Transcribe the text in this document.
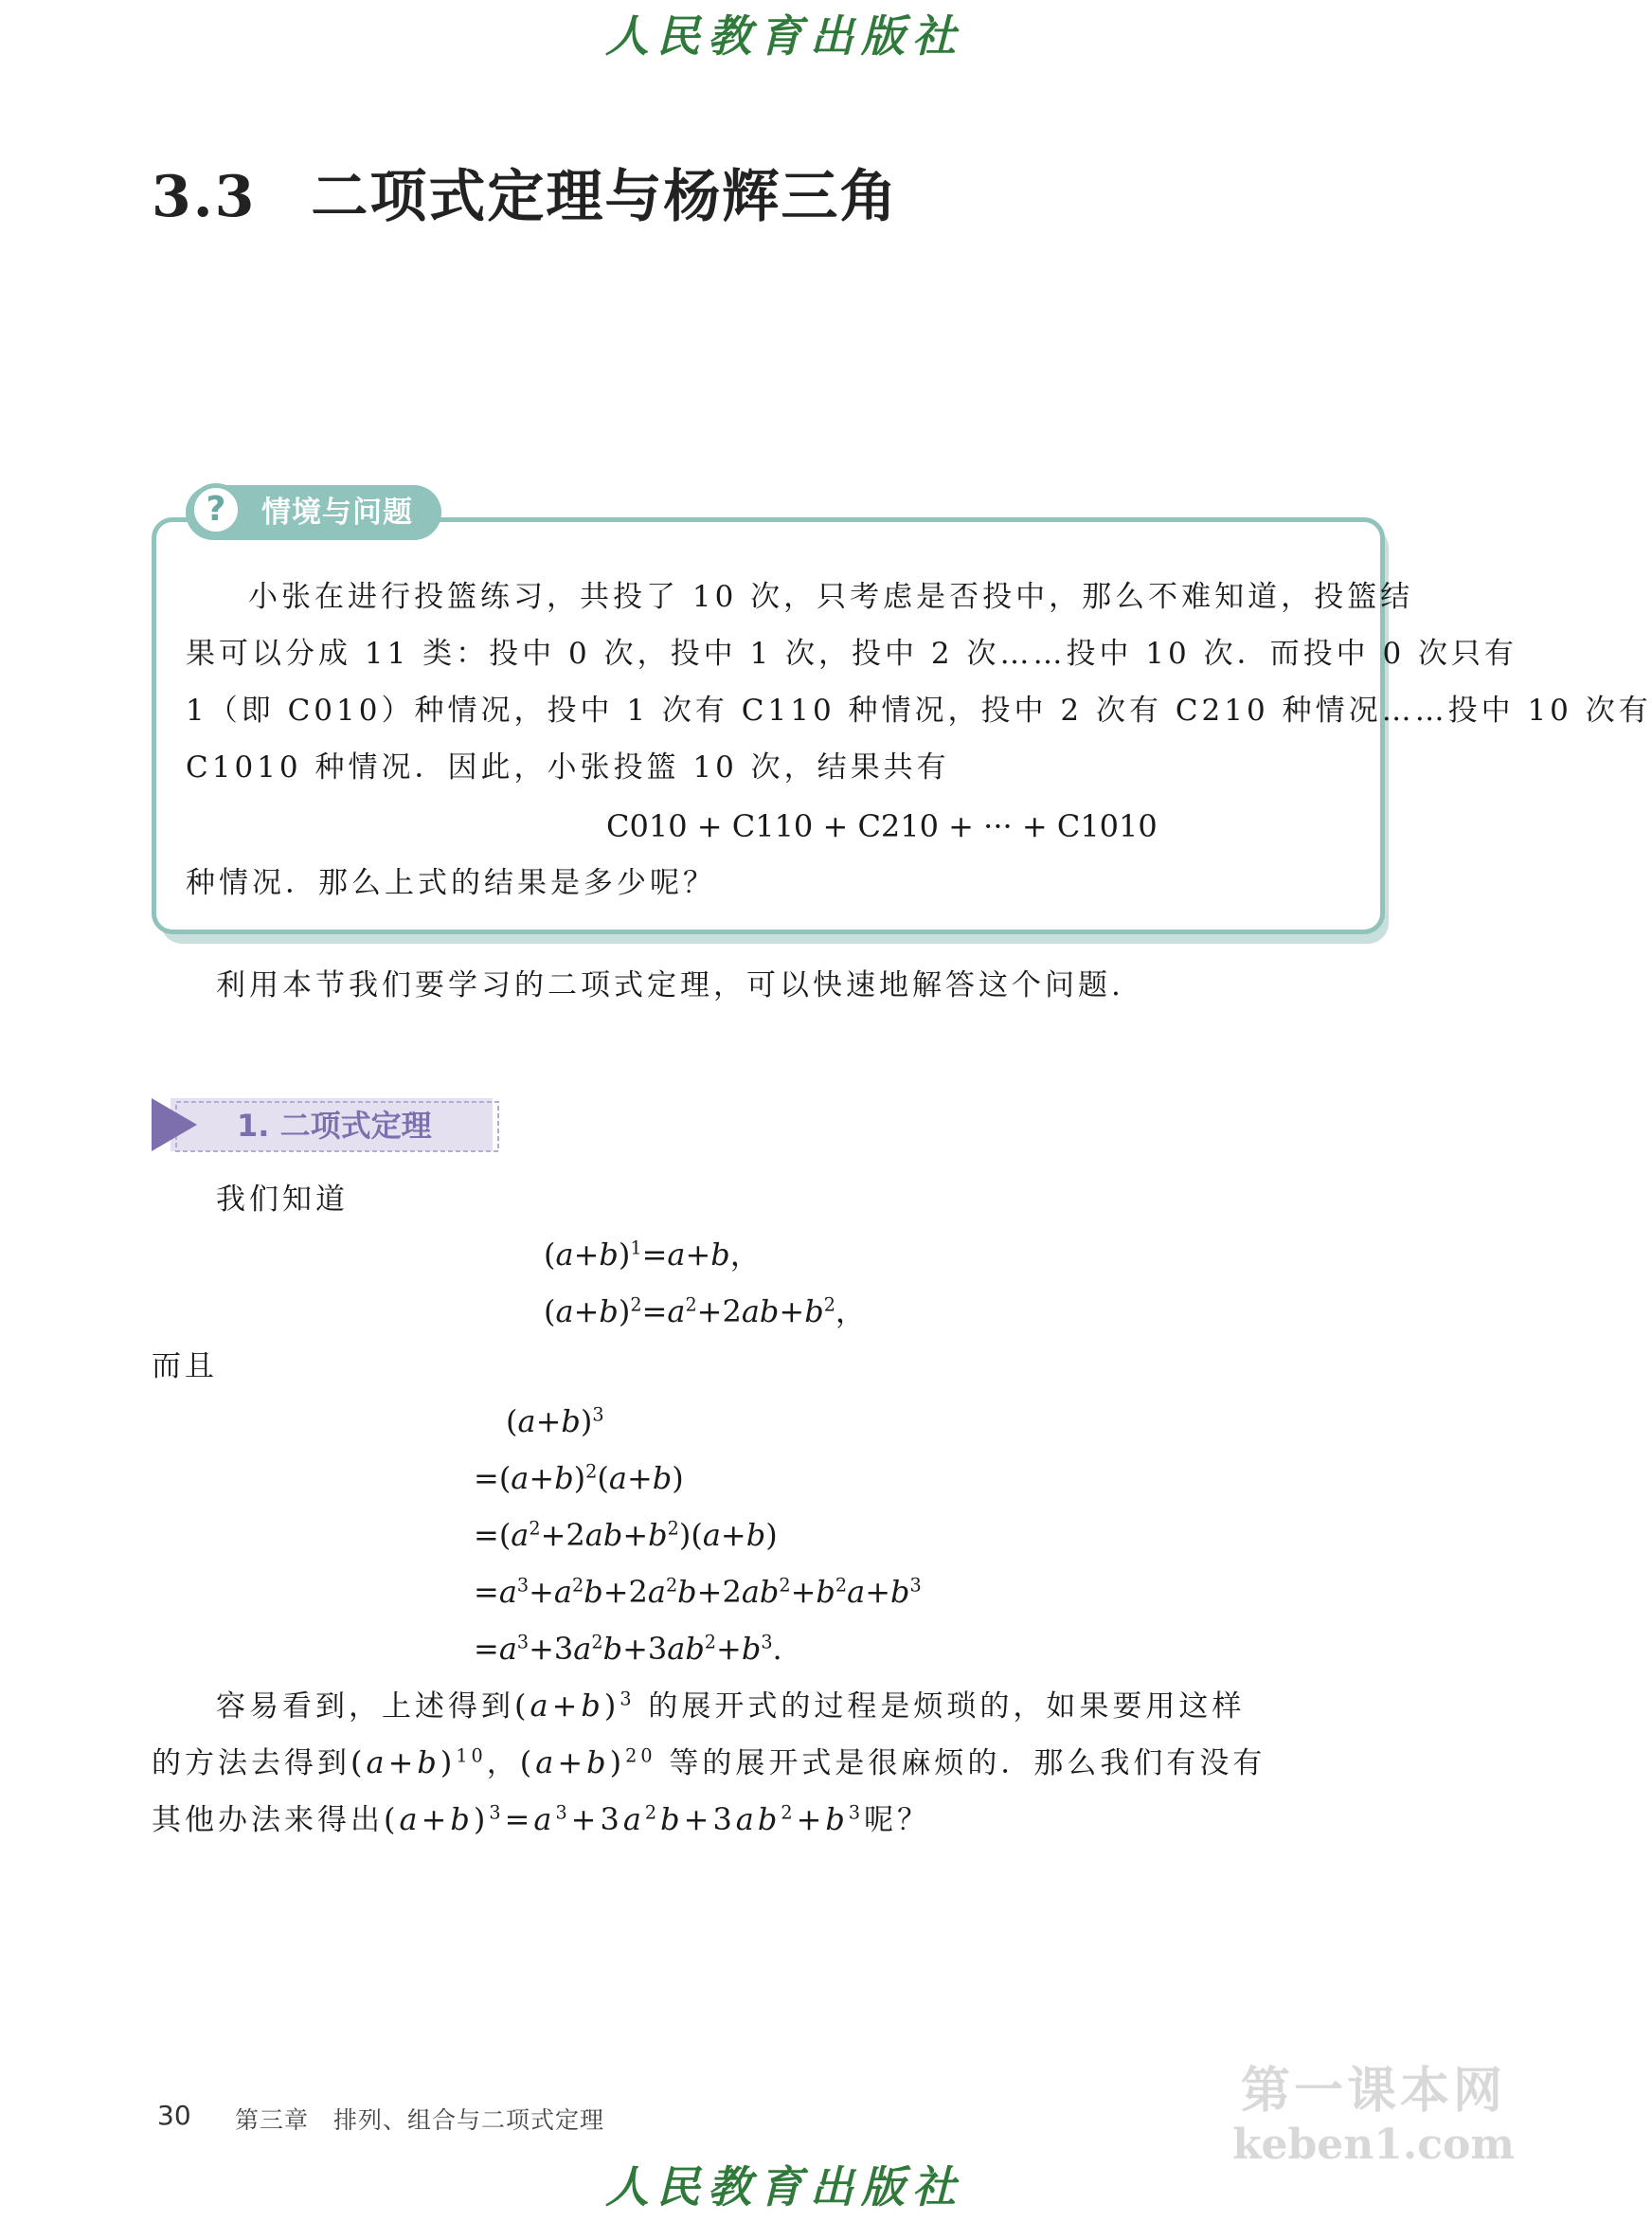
人民教育出版社
3.3 二项式定理与杨辉三角
情境与问题
?
小张在进行投篮练习，共投了 10 次，只考虑是否投中，那么不难知道，投篮结
果可以分成 11 类：投中 0 次，投中 1 次，投中 2 次……投中 10 次．而投中 0 次只有
1（即 C010）种情况，投中 1 次有 C110 种情况，投中 2 次有 C210 种情况……投中 10 次有
C1010 种情况．因此，小张投篮 10 次，结果共有
C010 + C110 + C210 + ··· + C1010
种情况．那么上式的结果是多少呢？
利用本节我们要学习的二项式定理，可以快速地解答这个问题.
1. 二项式定理
我们知道
$(a+b)^1=a+b$，
$(a+b)^2=a^2+2ab+b^2$，
而且
$(a+b)^3$
$=(a+b)^2(a+b)$
$=(a^2+2ab+b^2)(a+b)$
$=a^3+a^2b+2a^2b+2ab^2+b^2a+b^3$
$=a^3+3a^2b+3ab^2+b^3$.
容易看到，上述得到$(a+b)^3$ 的展开式的过程是烦琐的，如果要用这样
的方法去得到$(a+b)^{10}$，$(a+b)^{20}$ 等的展开式是很麻烦的．那么我们有没有
其他办法来得出$(a+b)^3=a^3+3a^2b+3ab^2+b^3$呢？
30 第三章　排列、组合与二项式定理
第一课本网
keben1.com
人民教育出版社
